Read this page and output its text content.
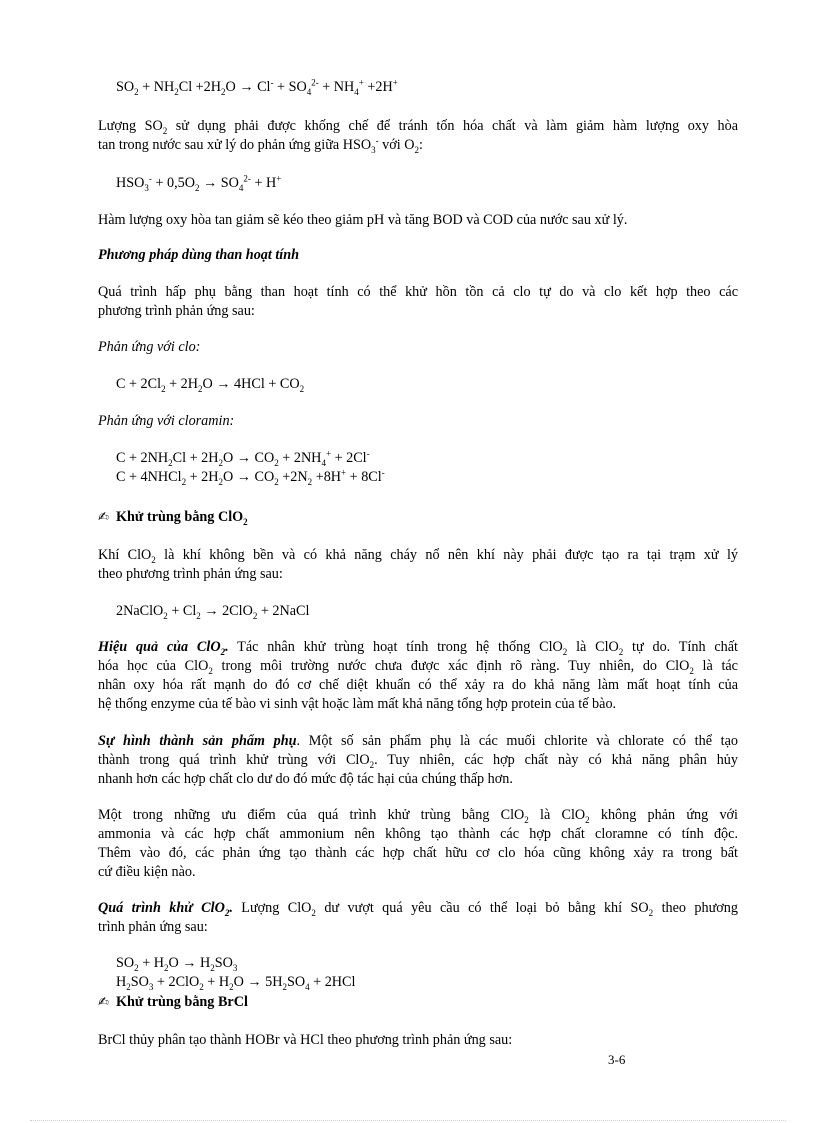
$SO_2 + NH_2Cl +2H_2O \to Cl^- + SO_4^{2-} + NH_4^+ +2H^+$
Lượng $SO_2$ sử dụng phải được khống chế để tránh tốn hóa chất và làm giảm hàm lượng oxy hòa
tan trong nước sau xử lý do phản ứng giữa $HSO_3^-$ với $O_2$:
$HSO_3^- + 0,5O_2 \to SO_4^{2-} + H^+$
Hàm lượng oxy hòa tan giảm sẽ kéo theo giảm pH và tăng BOD và COD của nước sau xử lý.
Phương pháp dùng than hoạt tính
Quá trình hấp phụ bằng than hoạt tính có thể khử hồn tồn cả clo tự do và clo kết hợp theo các
phương trình phản ứng sau:
Phản ứng với clo:
$C + 2Cl_2 + 2H_2O \to 4HCl + CO_2$
Phản ứng với cloramin:
$C + 2NH_2Cl + 2H_2O \to CO_2 + 2NH_4^+ + 2Cl^-$
C + 4NHCl$_2$ + $2H_2O \to CO_2 +2N_2 +8H^+ + 8Cl^-$
✍ Khử trùng bằng ClO$_2$
Khí ClO$_2$ là khí không bền và có khả năng cháy nổ nên khí này phải được tạo ra tại trạm xử lý
theo phương trình phản ứng sau:
2NaClO$_2$ + $Cl_2 \to 2ClO_2$ + 2NaCl
Hiệu quả của ClO$_2$. Tác nhân khử trùng hoạt tính trong hệ thống ClO$_2$ là ClO$_2$ tự do. Tính chất
hóa học của ClO$_2$ trong môi trường nước chưa được xác định rõ ràng. Tuy nhiên, do ClO$_2$ là tác
nhân oxy hóa rất mạnh do đó cơ chế diệt khuẩn có thể xảy ra do khả năng làm mất hoạt tính của
hệ thống enzyme của tế bào vi sinh vật hoặc làm mất khả năng tổng hợp protein của tế bào.
Sự hình thành sản phẩm phụ. Một số sản phẩm phụ là các muối chlorite và chlorate có thể tạo
thành trong quá trình khử trùng với ClO$_2$. Tuy nhiên, các hợp chất này có khả năng phân hủy
nhanh hơn các hợp chất clo dư do đó mức độ tác hại của chúng thấp hơn.
Một trong những ưu điểm của quá trình khử trùng bằng ClO$_2$ là ClO$_2$ không phản ứng với
ammonia và các hợp chất ammonium nên không tạo thành các hợp chất cloramne có tính độc.
Thêm vào đó, các phản ứng tạo thành các hợp chất hữu cơ clo hóa cũng không xảy ra trong bất
cứ điều kiện nào.
Quá trình khử ClO$_2$. Lượng ClO$_2$ dư vượt quá yêu cầu có thể loại bỏ bằng khí $SO_2$ theo phương
trình phản ứng sau:
$SO_2 + H_2O \to H_2SO_3$
$H_2SO_3 + 2ClO_2 + H_2O \to 5H_2SO_4 + 2HCl$
✍ Khử trùng bằng BrCl
BrCl thủy phân tạo thành HOBr và HCl theo phương trình phản ứng sau:
3-6
